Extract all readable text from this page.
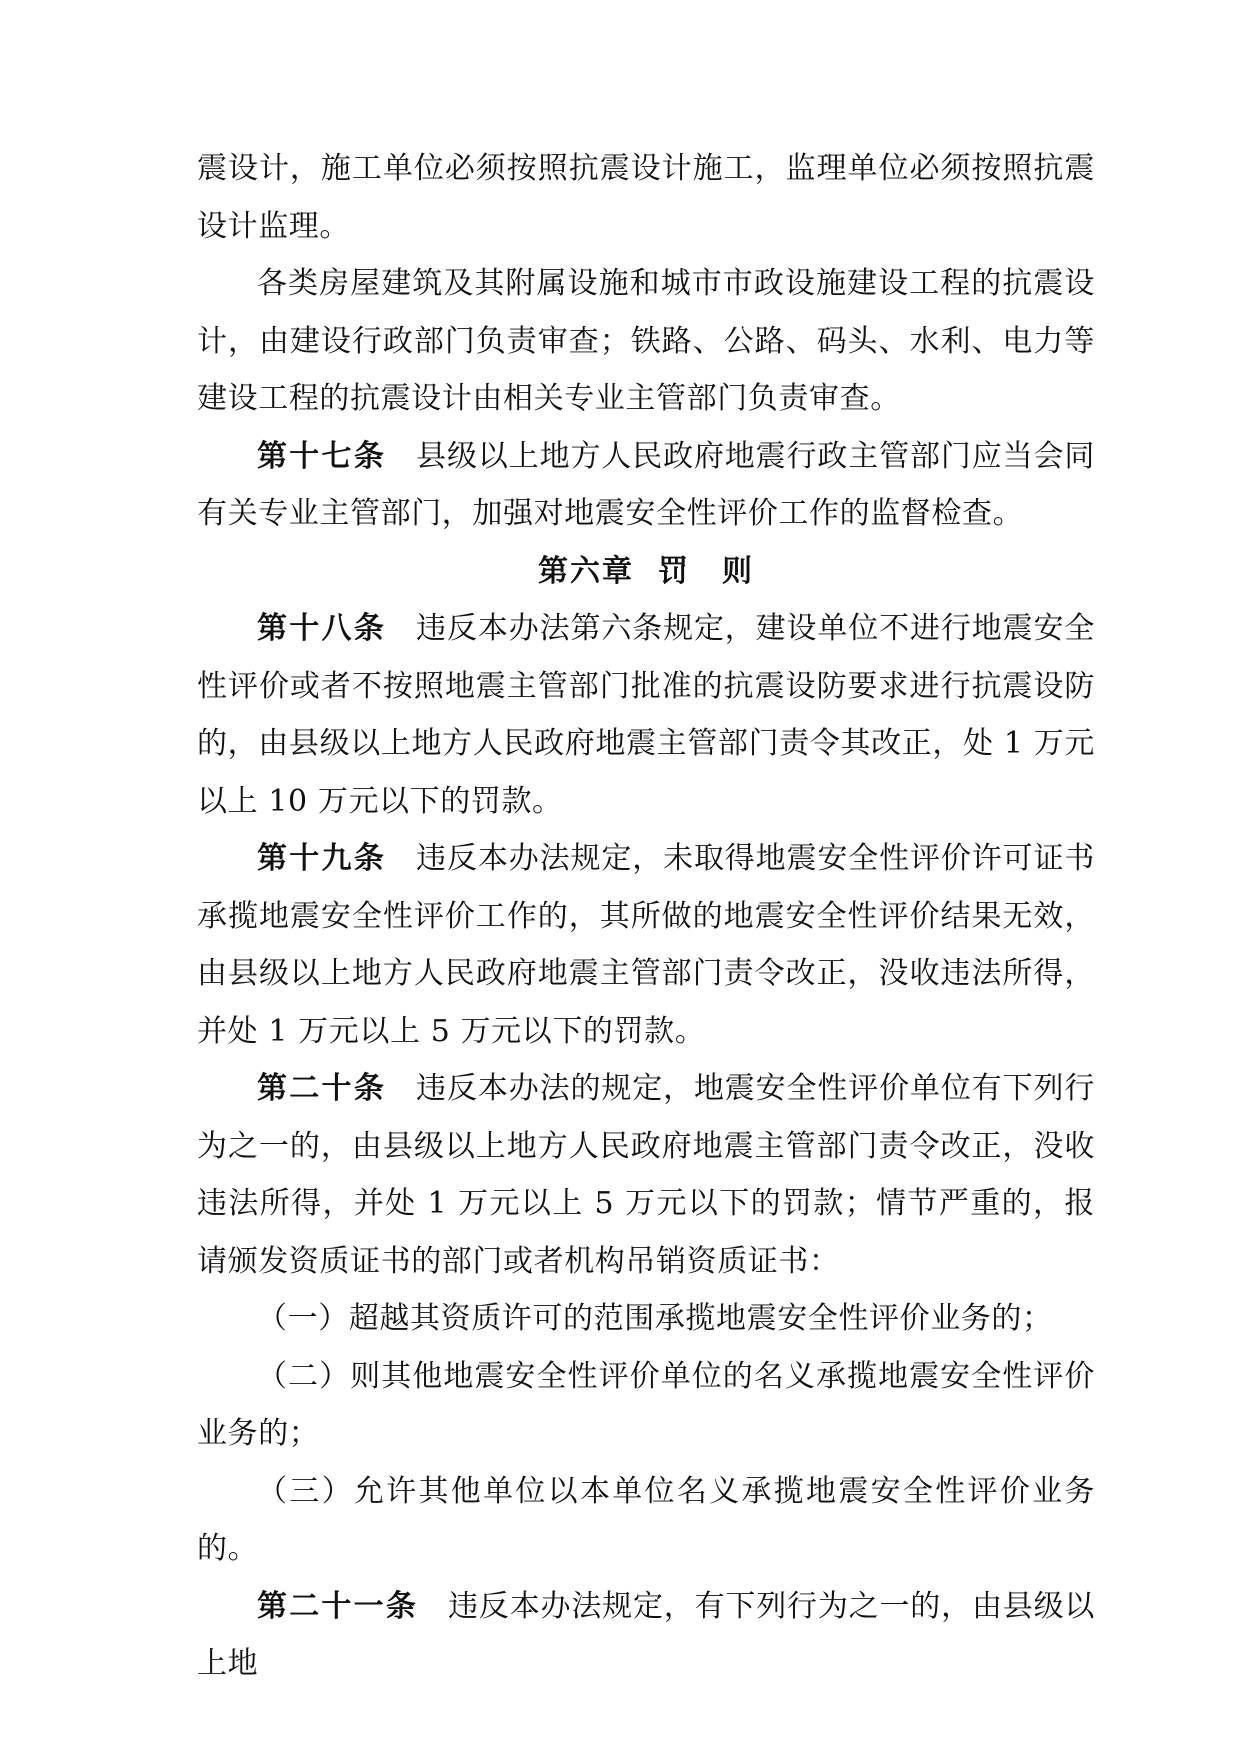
震设计，施工单位必须按照抗震设计施工，监理单位必须按照抗震设计监理。

各类房屋建筑及其附属设施和城市市政设施建设工程的抗震设计，由建设行政部门负责审查；铁路、公路、码头、水利、电力等建设工程的抗震设计由相关专业主管部门负责审查。

第十七条 县级以上地方人民政府地震行政主管部门应当会同有关专业主管部门，加强对地震安全性评价工作的监督检查。

第六章 罚　则

第十八条 违反本办法第六条规定，建设单位不进行地震安全性评价或者不按照地震主管部门批准的抗震设防要求进行抗震设防的，由县级以上地方人民政府地震主管部门责令其改正，处 1 万元以上 10 万元以下的罚款。

第十九条 违反本办法规定，未取得地震安全性评价许可证书承揽地震安全性评价工作的，其所做的地震安全性评价结果无效，由县级以上地方人民政府地震主管部门责令改正，没收违法所得，并处 1 万元以上 5 万元以下的罚款。

第二十条 违反本办法的规定，地震安全性评价单位有下列行为之一的，由县级以上地方人民政府地震主管部门责令改正，没收违法所得，并处 1 万元以上 5 万元以下的罚款；情节严重的，报请颁发资质证书的部门或者机构吊销资质证书：

（一）超越其资质许可的范围承揽地震安全性评价业务的；

（二）则其他地震安全性评价单位的名义承揽地震安全性评价业务的；

（三）允许其他单位以本单位名义承揽地震安全性评价业务的。

第二十一条 违反本办法规定，有下列行为之一的，由县级以上地
